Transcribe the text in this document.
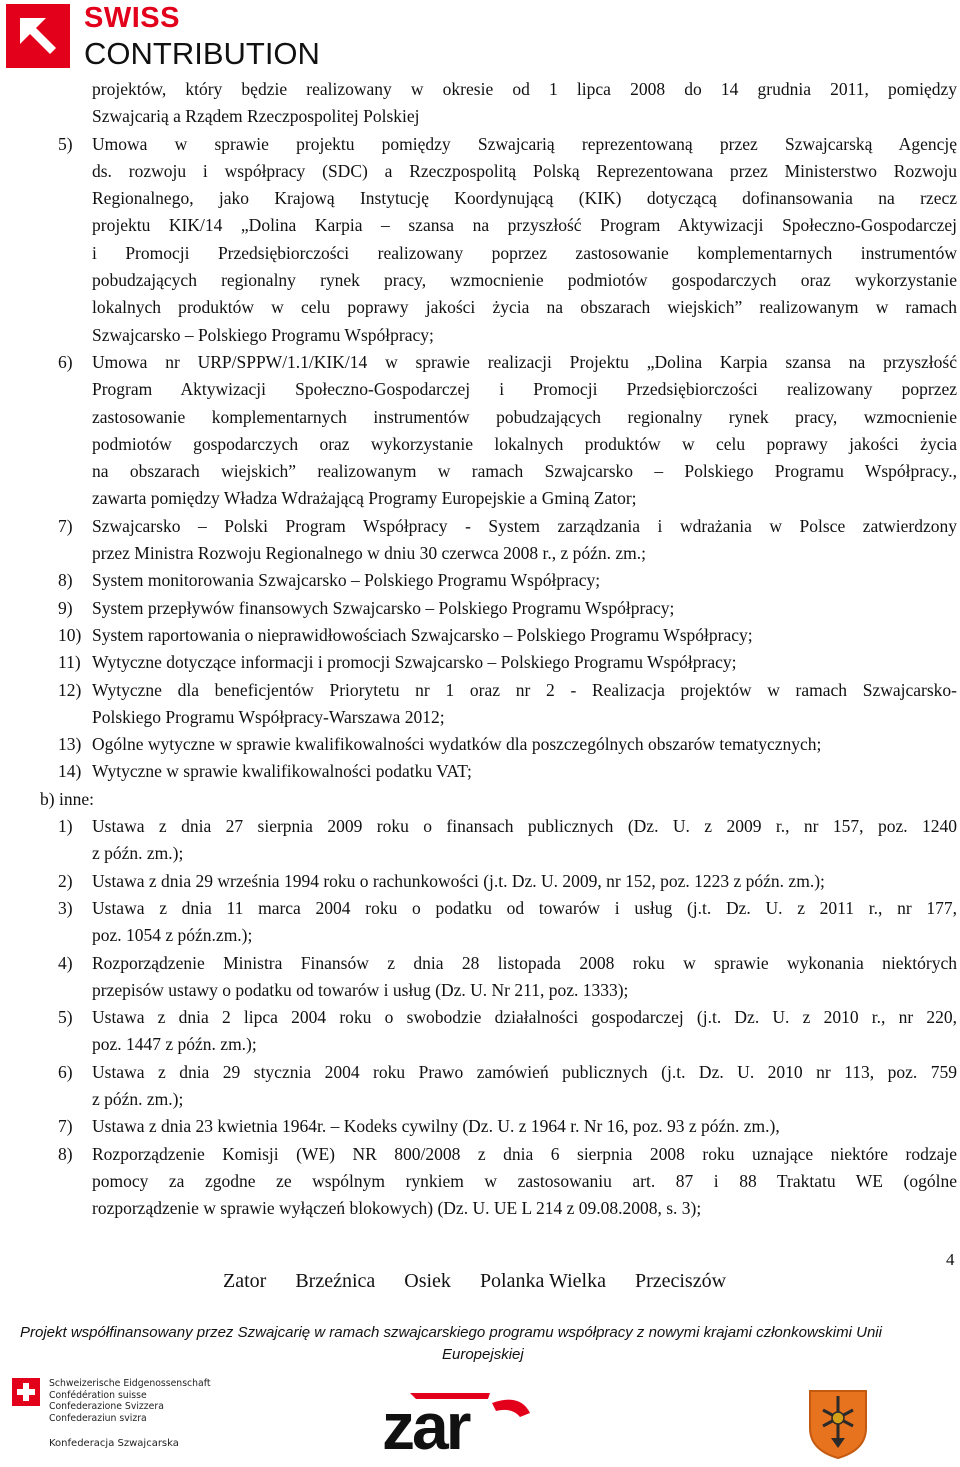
SWISS
CONTRIBUTION
projektów, który będzie realizowany w okresie od 1 lipca 2008 do 14 grudnia 2011, pomiędzy
Szwajcarią a Rządem Rzeczpospolitej Polskiej
5) Umowa w sprawie projektu pomiędzy Szwajcarią reprezentowaną przez Szwajcarską Agencję
ds. rozwoju i współpracy (SDC) a Rzeczpospolitą Polską Reprezentowana przez Ministerstwo Rozwoju
Regionalnego, jako Krajową Instytucję Koordynującą (KIK) dotyczącą dofinansowania na rzecz
projektu KIK/14 „Dolina Karpia – szansa na przyszłość Program Aktywizacji Społeczno-Gospodarczej
i Promocji Przedsiębiorczości realizowany poprzez zastosowanie komplementarnych instrumentów
pobudzających regionalny rynek pracy, wzmocnienie podmiotów gospodarczych oraz wykorzystanie
lokalnych produktów w celu poprawy jakości życia na obszarach wiejskich” realizowanym w ramach
Szwajcarsko – Polskiego Programu Współpracy;
6) Umowa nr URP/SPPW/1.1/KIK/14 w sprawie realizacji Projektu „Dolina Karpia szansa na przyszłość
Program Aktywizacji Społeczno-Gospodarczej i Promocji Przedsiębiorczości realizowany poprzez
zastosowanie komplementarnych instrumentów pobudzających regionalny rynek pracy, wzmocnienie
podmiotów gospodarczych oraz wykorzystanie lokalnych produktów w celu poprawy jakości życia
na obszarach wiejskich” realizowanym w ramach Szwajcarsko – Polskiego Programu Współpracy.,
zawarta pomiędzy Władza Wdrażającą Programy Europejskie a Gminą Zator;
7) Szwajcarsko – Polski Program Współpracy - System zarządzania i wdrażania w Polsce zatwierdzony
przez Ministra Rozwoju Regionalnego w dniu 30 czerwca 2008 r., z późn. zm.;
8) System monitorowania Szwajcarsko – Polskiego Programu Współpracy;
9) System przepływów finansowych Szwajcarsko – Polskiego Programu Współpracy;
10) System raportowania o nieprawidłowościach Szwajcarsko – Polskiego Programu Współpracy;
11) Wytyczne dotyczące informacji i promocji Szwajcarsko – Polskiego Programu Współpracy;
12) Wytyczne dla beneficjentów Priorytetu nr 1 oraz nr 2 - Realizacja projektów w ramach Szwajcarsko-
Polskiego Programu Współpracy-Warszawa 2012;
13) Ogólne wytyczne w sprawie kwalifikowalności wydatków dla poszczególnych obszarów tematycznych;
14) Wytyczne w sprawie kwalifikowalności podatku VAT;
b) inne:
1) Ustawa z dnia 27 sierpnia 2009 roku o finansach publicznych (Dz. U. z 2009 r., nr 157, poz. 1240
z późn. zm.);
2) Ustawa z dnia 29 września 1994 roku o rachunkowości (j.t. Dz. U. 2009, nr 152, poz. 1223 z późn. zm.);
3) Ustawa z dnia 11 marca 2004 roku o podatku od towarów i usług (j.t. Dz. U. z 2011 r., nr 177,
poz. 1054 z późn.zm.);
4) Rozporządzenie Ministra Finansów z dnia 28 listopada 2008 roku w sprawie wykonania niektórych
przepisów ustawy o podatku od towarów i usług (Dz. U. Nr 211, poz. 1333);
5) Ustawa z dnia 2 lipca 2004 roku o swobodzie działalności gospodarczej (j.t. Dz. U. z 2010 r., nr 220,
poz. 1447 z późn. zm.);
6) Ustawa z dnia 29 stycznia 2004 roku Prawo zamówień publicznych (j.t. Dz. U. 2010 nr 113, poz. 759
z późn. zm.);
7) Ustawa z dnia 23 kwietnia 1964r. – Kodeks cywilny (Dz. U. z 1964 r. Nr 16, poz. 93 z późn. zm.),
8) Rozporządzenie Komisji (WE) NR 800/2008 z dnia 6 sierpnia 2008 roku uznające niektóre rodzaje
pomocy za zgodne ze wspólnym rynkiem w zastosowaniu art. 87 i 88 Traktatu WE (ogólne
rozporządzenie w sprawie wyłączeń blokowych) (Dz. U. UE L 214 z 09.08.2008, s. 3);
4
Zator Brzeźnica Osiek Polanka Wielka Przeciszów
Projekt współfinansowany przez Szwajcarię w ramach szwajcarskiego programu współpracy z nowymi krajami członkowskimi Unii
Europejskiej
Schweizerische Eidgenossenschaft
Confédération suisse
Confederazione Svizzera
Confederaziun svizra
Konfederacja Szwajcarska	zar
